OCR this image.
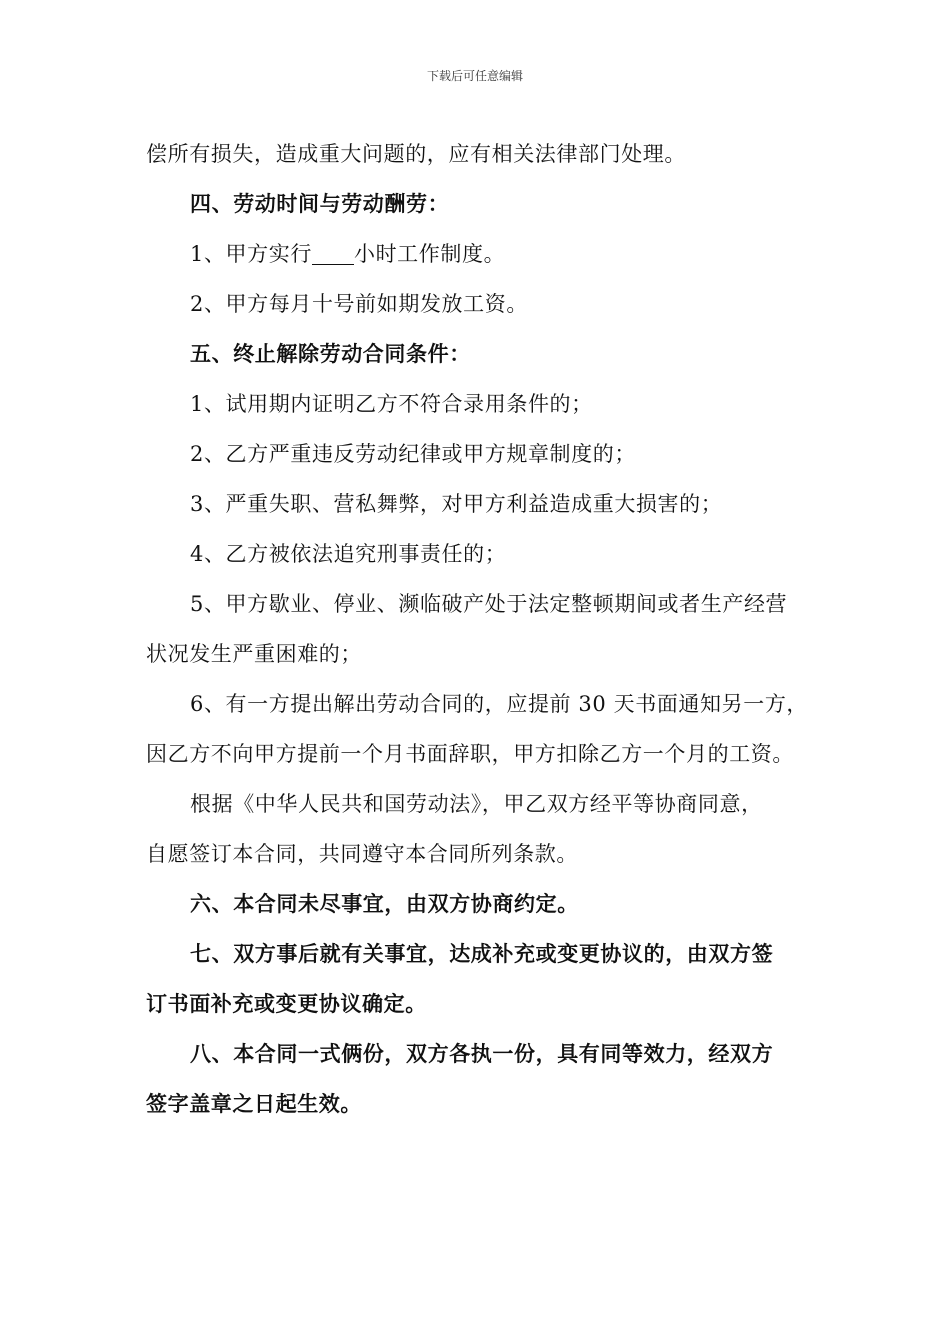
下载后可任意编辑
偿所有损失，造成重大问题的，应有相关法律部门处理。
四、劳动时间与劳动酬劳：
1、甲方实行 小时工作制度。
2、甲方每月十号前如期发放工资。
五、终止解除劳动合同条件：
1、试用期内证明乙方不符合录用条件的；
2、乙方严重违反劳动纪律或甲方规章制度的；
3、严重失职、营私舞弊，对甲方利益造成重大损害的；
4、乙方被依法追究刑事责任的；
5、甲方歇业、停业、濒临破产处于法定整顿期间或者生产经营
状况发生严重困难的；
6、有一方提出解出劳动合同的，应提前 30 天书面通知另一方，
因乙方不向甲方提前一个月书面辞职，甲方扣除乙方一个月的工资。
根据《中华人民共和国劳动法》，甲乙双方经平等协商同意，
自愿签订本合同，共同遵守本合同所列条款。
六、本合同未尽事宜，由双方协商约定。
七、双方事后就有关事宜，达成补充或变更协议的，由双方签
订书面补充或变更协议确定。
八、本合同一式俩份，双方各执一份，具有同等效力，经双方
签字盖章之日起生效。
